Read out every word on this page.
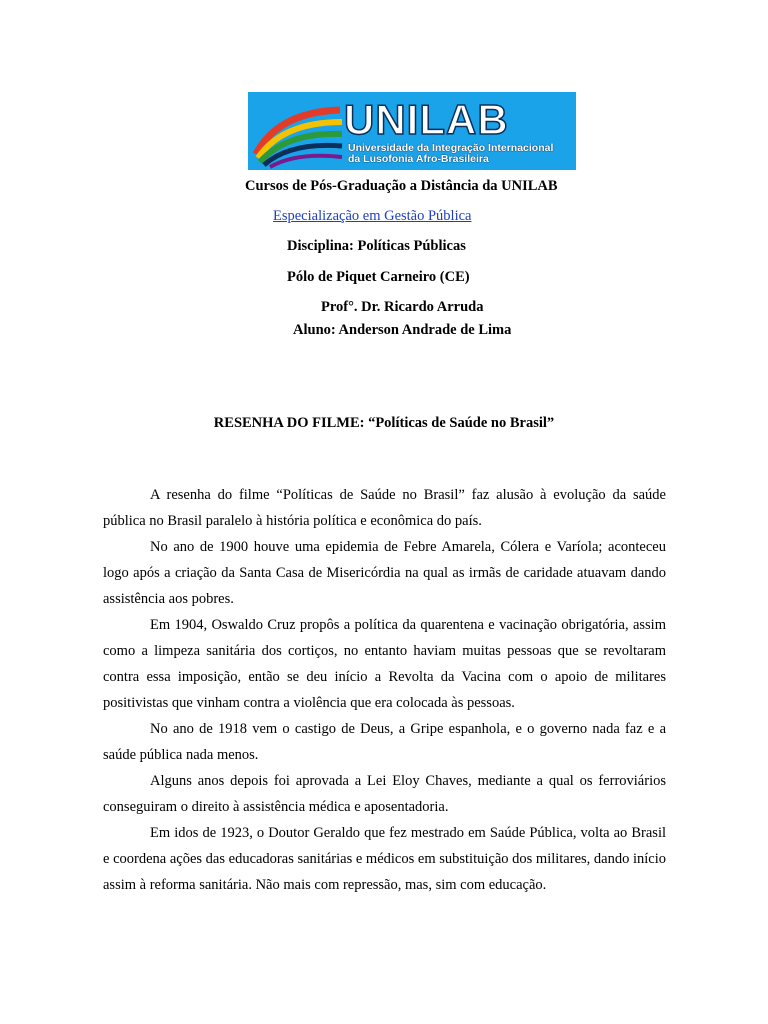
UNILAB
Universidade da Integração Internacional
da Lusofonia Afro-Brasileira
Cursos de Pós-Graduação a Distância da UNILAB
Especialização em Gestão Pública
Disciplina: Políticas Públicas
Pólo de Piquet Carneiro (CE)
Prof°. Dr. Ricardo Arruda
Aluno: Anderson Andrade de Lima
RESENHA DO FILME: “Políticas de Saúde no Brasil”

A resenha do filme “Políticas de Saúde no Brasil” faz alusão à evolução da saúde pública no Brasil paralelo à história política e econômica do país.

No ano de 1900 houve uma epidemia de Febre Amarela, Cólera e Varíola; aconteceu logo após a criação da Santa Casa de Misericórdia na qual as irmãs de caridade atuavam dando assistência aos pobres.

Em 1904, Oswaldo Cruz propôs a política da quarentena e vacinação obrigatória, assim como a limpeza sanitária dos cortiços, no entanto haviam muitas pessoas que se revoltaram contra essa imposição, então se deu início a Revolta da Vacina com o apoio de militares positivistas que vinham contra a violência que era colocada às pessoas.

No ano de 1918 vem o castigo de Deus, a Gripe espanhola, e o governo nada faz e a saúde pública nada menos.

Alguns anos depois foi aprovada a Lei Eloy Chaves, mediante a qual os ferroviários conseguiram o direito à assistência médica e aposentadoria.

Em idos de 1923, o Doutor Geraldo que fez mestrado em Saúde Pública, volta ao Brasil e coordena ações das educadoras sanitárias e médicos em substituição dos militares, dando início assim à reforma sanitária. Não mais com repressão, mas, sim com educação.
